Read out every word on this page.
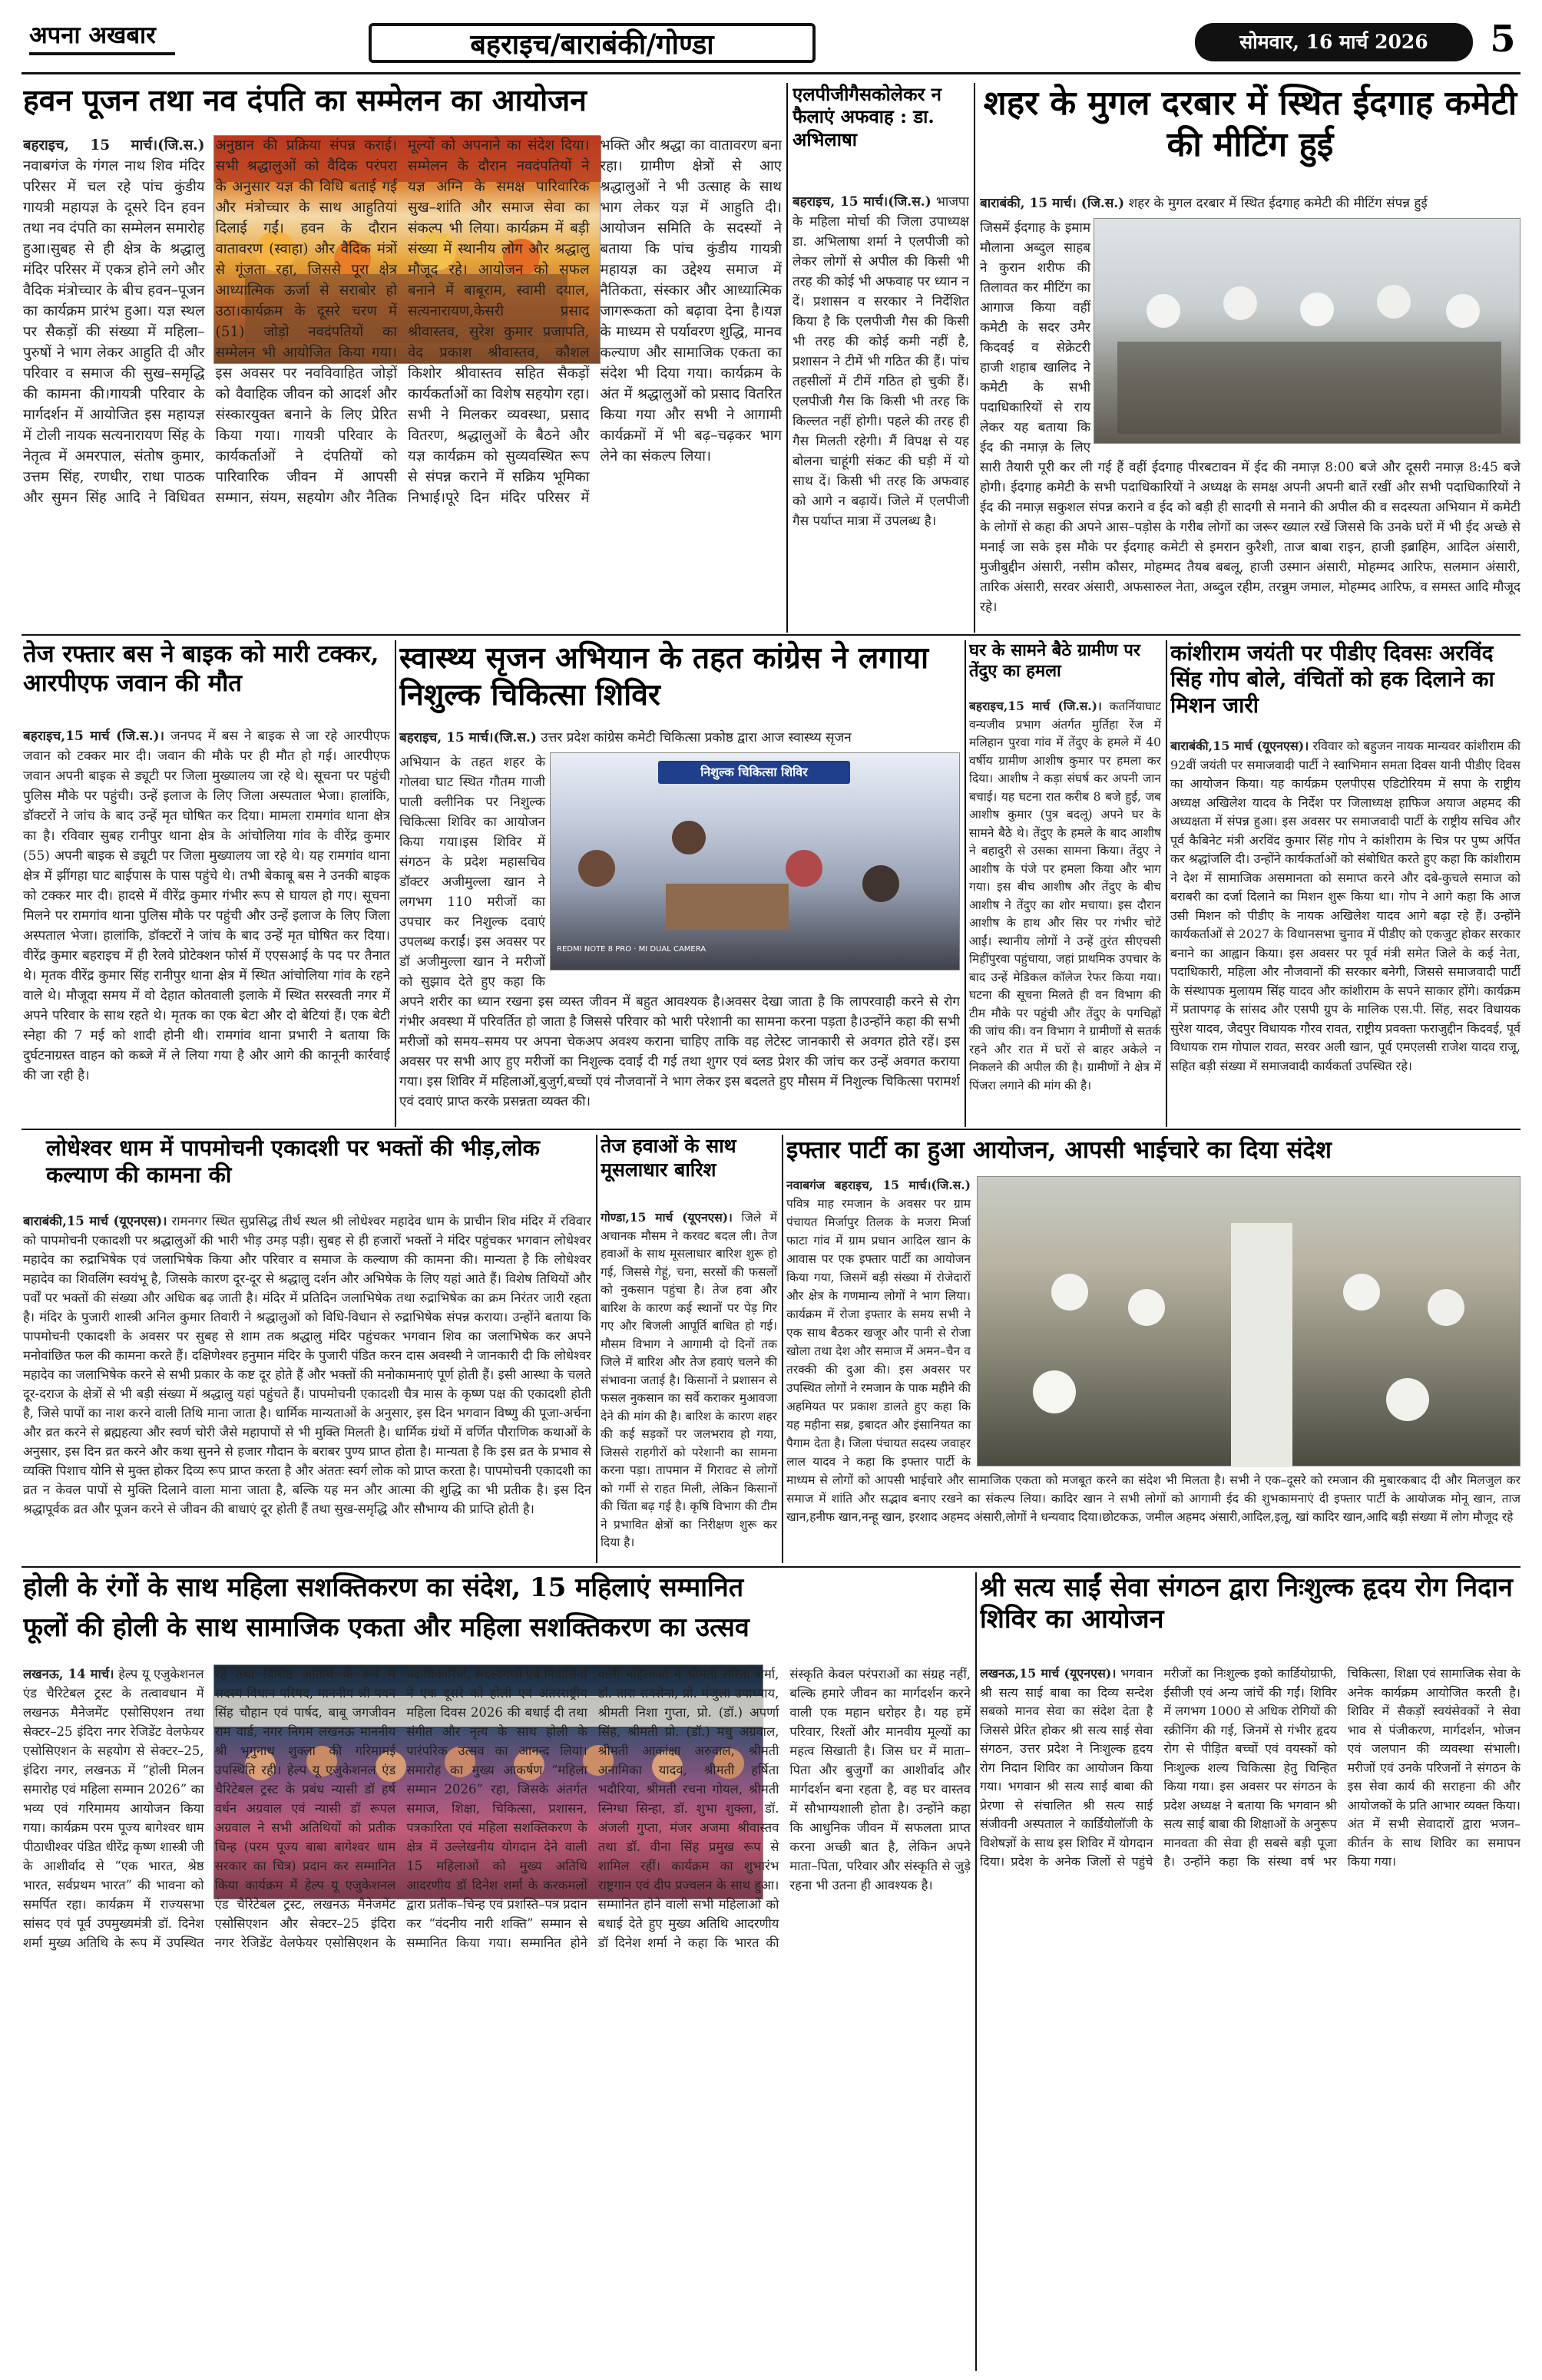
अपना अखबार	बहराइच/बाराबंकी/गोण्डा	सोमवार, 16 मार्च 2026	5
हवन पूजन तथा नव दंपति का सम्मेलन का आयोजन
बहराइच, 15 मार्च।(जि.स.) नवाबगंज के गंगल नाथ शिव मंदिर परिसर में चल रहे पांच कुंडीय गायत्री महायज्ञ के दूसरे दिन हवन तथा नव दंपति का सम्मेलन समारोह हुआ।सुबह से ही क्षेत्र के श्रद्धालु मंदिर परिसर में एकत्र होने लगे और वैदिक मंत्रोच्चार के बीच हवन–पूजन का कार्यक्रम प्रारंभ हुआ। यज्ञ स्थल पर सैकड़ों की संख्या में महिला–पुरुषों ने भाग लेकर आहुति दी और परिवार व समाज की सुख–समृद्धि की कामना की।गायत्री परिवार के मार्गदर्शन में आयोजित इस महायज्ञ में टोली नायक सत्यनारायण सिंह के नेतृत्व में अमरपाल, संतोष कुमार, उत्तम सिंह, रणधीर, राधा पाठक और सुमन सिंह आदि ने विधिवत अनुष्ठान की प्रक्रिया संपन्न कराई। सभी श्रद्धालुओं को वैदिक परंपरा के अनुसार यज्ञ की विधि बताई गई और मंत्रोच्चार के साथ आहुतियां दिलाई गईं। हवन के दौरान वातावरण (स्वाहा) और वैदिक मंत्रों से गूंजता रहा, जिससे पूरा क्षेत्र आध्यात्मिक ऊर्जा से सराबोर हो उठा।कार्यक्रम के दूसरे चरण में (51) जोड़ो नवदंपतियों का सम्मेलन भी आयोजित किया गया। इस अवसर पर नवविवाहित जोड़ों को वैवाहिक जीवन को आदर्श और संस्कारयुक्त बनाने के लिए प्रेरित किया गया। गायत्री परिवार के कार्यकर्ताओं ने दंपतियों को पारिवारिक जीवन में आपसी सम्मान, संयम, सहयोग और नैतिक मूल्यों को अपनाने का संदेश दिया। सम्मेलन के दौरान नवदंपतियों ने यज्ञ अग्नि के समक्ष पारिवारिक सुख–शांति और समाज सेवा का संकल्प भी लिया। कार्यक्रम में बड़ी संख्या में स्थानीय लोग और श्रद्धालु मौजूद रहे। आयोजन को सफल बनाने में बाबूराम, स्वामी दयाल, सत्यनारायण,केसरी प्रसाद श्रीवास्तव, सुरेश कुमार प्रजापति, वेद प्रकाश श्रीवास्तव, कौशल किशोर श्रीवास्तव सहित सैकड़ों कार्यकर्ताओं का विशेष सहयोग रहा। सभी ने मिलकर व्यवस्था, प्रसाद वितरण, श्रद्धालुओं के बैठने और यज्ञ कार्यक्रम को सुव्यवस्थित रूप से संपन्न कराने में सक्रिय भूमिका निभाई।पूरे दिन मंदिर परिसर में भक्ति और श्रद्धा का वातावरण बना रहा। ग्रामीण क्षेत्रों से आए श्रद्धालुओं ने भी उत्साह के साथ भाग लेकर यज्ञ में आहुति दी। आयोजन समिति के सदस्यों ने बताया कि पांच कुंडीय गायत्री महायज्ञ का उद्देश्य समाज में नैतिकता, संस्कार और आध्यात्मिक जागरूकता को बढ़ावा देना है।यज्ञ के माध्यम से पर्यावरण शुद्धि, मानव कल्याण और सामाजिक एकता का संदेश भी दिया गया। कार्यक्रम के अंत में श्रद्धालुओं को प्रसाद वितरित किया गया और सभी ने आगामी कार्यक्रमों में भी बढ़–चढ़कर भाग लेने का संकल्प लिया।
एलपीजीगैसकोलेकर न फैलाएं अफवाह : डा. अभिलाषा
बहराइच, 15 मार्च।(जि.स.) भाजपा के महिला मोर्चा की जिला उपाध्यक्ष डा. अभिलाषा शर्मा ने एलपीजी को लेकर लोगों से अपील की किसी भी तरह की कोई भी अफवाह पर ध्यान न दें। प्रशासन व सरकार ने निर्देशित किया है कि एलपीजी गैस की किसी भी तरह की कोई कमी नहीं है, प्रशासन ने टीमें भी गठित की हैं। पांच तहसीलों में टीमें गठित हो चुकी हैं। एलपीजी गैस कि किसी भी तरह कि किल्लत नहीं होगी। पहले की तरह ही गैस मिलती रहेगी। मैं विपक्ष से यह बोलना चाहूंगी संकट की घड़ी में यो साथ दें। किसी भी तरह कि अफवाह को आगे न बढ़ायें। जिले में एलपीजी गैस पर्याप्त मात्रा में उपलब्ध है।
शहर के मुगल दरबार में स्थित ईदगाह कमेटी की मीटिंग हुई
बाराबंकी, 15 मार्च। (जि.स.) शहर के मुगल दरबार में स्थित ईदगाह कमेटी की मीटिंग संपन्न हुई
जिसमें ईदगाह के इमाम मौलाना अब्दुल साहब ने कुरान शरीफ की तिलावत कर मीटिंग का आगाज किया वहीं कमेटी के सदर उमैर किदवई व सेक्रेटरी हाजी शहाब खालिद ने कमेटी के सभी पदाधिकारियों से राय लेकर यह बताया कि ईद की नमाज़ के लिए सारी तैयारी पूरी कर ली गई हैं वहीं ईदगाह पीरबटावन में ईद की नमाज़ 8:00 बजे और दूसरी नमाज़ 8:45 बजे होगी। ईदगाह कमेटी के सभी पदाधिकारियों ने अध्यक्ष के समक्ष अपनी अपनी बातें रखीं और सभी पदाधिकारियों ने ईद की नमाज़ सकुशल संपन्न कराने व ईद को बड़ी ही सादगी से मनाने की अपील की व सदस्यता अभियान में कमेटी के लोगों से कहा की अपने आस–पड़ोस के गरीब लोगों का जरूर ख्याल रखें जिससे कि उनके घरों में भी ईद अच्छे से मनाई जा सके इस मौके पर ईदगाह कमेटी से इमरान कुरैशी, ताज बाबा राइन, हाजी इब्राहिम, आदिल अंसारी, मुजीबुद्दीन अंसारी, नसीम कौसर, मोहम्मद तैयब बबलू, हाजी उस्मान अंसारी, मोहम्मद आरिफ, सलमान अंसारी, तारिक अंसारी, सरवर अंसारी, अफसारुल नेता, अब्दुल रहीम, तरन्नुम जमाल, मोहम्मद आरिफ, व समस्त आदि मौजूद रहे।
तेज रफ्तार बस ने बाइक को मारी टक्कर, आरपीएफ जवान की मौत
बहराइच,15 मार्च (जि.स.)। जनपद में बस ने बाइक से जा रहे आरपीएफ जवान को टक्कर मार दी। जवान की मौके पर ही मौत हो गई। आरपीएफ जवान अपनी बाइक से ड्यूटी पर जिला मुख्यालय जा रहे थे। सूचना पर पहुंची पुलिस मौके पर पहुंची। उन्हें इलाज के लिए जिला अस्पताल भेजा। हालांकि, डॉक्टरों ने जांच के बाद उन्हें मृत घोषित कर दिया। मामला रामगांव थाना क्षेत्र का है। रविवार सुबह रानीपुर थाना क्षेत्र के आंचोलिया गांव के वीरेंद्र कुमार (55) अपनी बाइक से ड्यूटी पर जिला मुख्यालय जा रहे थे। यह रामगांव थाना क्षेत्र में झींगहा घाट बाईपास के पास पहुंचे थे। तभी बेकाबू बस ने उनकी बाइक को टक्कर मार दी। हादसे में वीरेंद्र कुमार गंभीर रूप से घायल हो गए। सूचना मिलने पर रामगांव थाना पुलिस मौके पर पहुंची और उन्हें इलाज के लिए जिला अस्पताल भेजा। हालांकि, डॉक्टरों ने जांच के बाद उन्हें मृत घोषित कर दिया। वीरेंद्र कुमार बहराइच में ही रेलवे प्रोटेक्शन फोर्स में एएसआई के पद पर तैनात थे। मृतक वीरेंद्र कुमार सिंह रानीपुर थाना क्षेत्र में स्थित आंचोलिया गांव के रहने वाले थे। मौजूदा समय में वो देहात कोतवाली इलाके में स्थित सरस्वती नगर में अपने परिवार के साथ रहते थे। मृतक का एक बेटा और दो बेटियां हैं। एक बेटी स्नेहा की 7 मई को शादी होनी थी। रामगांव थाना प्रभारी ने बताया कि दुर्घटनाग्रस्त वाहन को कब्जे में ले लिया गया है और आगे की कानूनी कार्रवाई की जा रही है।
स्वास्थ्य सृजन अभियान के तहत कांग्रेस ने लगाया निशुल्क चिकित्सा शिविर
बहराइच, 15 मार्च।(जि.स.) उत्तर प्रदेश कांग्रेस कमेटी चिकित्सा प्रकोष्ठ द्वारा आज स्वास्थ्य सृजन
निशुल्क चिकित्सा शिविर
REDMI NOTE 8 PRO · MI DUAL CAMERA
अभियान के तहत शहर के गोलवा घाट स्थित गौतम गाजी पाली क्लीनिक पर निशुल्क चिकित्सा शिविर का आयोजन किया गया।इस शिविर में संगठन के प्रदेश महासचिव डॉक्टर अजीमुल्ला खान ने लगभग 110 मरीजों का उपचार कर निशुल्क दवाएं उपलब्ध कराईं। इस अवसर पर डॉ अजीमुल्ला खान ने मरीजों को सुझाव देते हुए कहा कि अपने शरीर का ध्यान रखना इस व्यस्त जीवन में बहुत आवश्यक है।अवसर देखा जाता है कि लापरवाही करने से रोग गंभीर अवस्था में परिवर्तित हो जाता है जिससे परिवार को भारी परेशानी का सामना करना पड़ता है।उन्होंने कहा की सभी मरीजों को समय–समय पर अपना चेकअप अवश्य कराना चाहिए ताकि वह लेटेस्ट जानकारी से अवगत होते रहें। इस अवसर पर सभी आए हुए मरीजों का निशुल्क दवाई दी गई तथा शुगर एवं ब्लड प्रेशर की जांच कर उन्हें अवगत कराया गया। इस शिविर में महिलाओं,बुजुर्ग,बच्चों एवं नौजवानों ने भाग लेकर इस बदलते हुए मौसम में निशुल्क चिकित्सा परामर्श एवं दवाएं प्राप्त करके प्रसन्नता व्यक्त की।
घर के सामने बैठे ग्रामीण पर तेंदुए का हमला
बहराइच,15 मार्च (जि.स.)। कतर्नियाघाट वन्यजीव प्रभाग अंतर्गत मुर्तिहा रेंज में मलिहान पुरवा गांव में तेंदुए के हमले में 40 वर्षीय ग्रामीण आशीष कुमार पर हमला कर दिया। आशीष ने कड़ा संघर्ष कर अपनी जान बचाई। यह घटना रात करीब 8 बजे हुई, जब आशीष कुमार (पुत्र बदलू) अपने घर के सामने बैठे थे। तेंदुए के हमले के बाद आशीष ने बहादुरी से उसका सामना किया। तेंदुए ने आशीष के पंजे पर हमला किया और भाग गया। इस बीच आशीष और तेंदुए के बीच आशीष ने तेंदुए का शोर मचाया। इस दौरान आशीष के हाथ और सिर पर गंभीर चोटें आईं। स्थानीय लोगों ने उन्हें तुरंत सीएचसी मिहींपुरवा पहुंचाया, जहां प्राथमिक उपचार के बाद उन्हें मेडिकल कॉलेज रेफर किया गया। घटना की सूचना मिलते ही वन विभाग की टीम मौके पर पहुंची और तेंदुए के पगचिह्नों की जांच की। वन विभाग ने ग्रामीणों से सतर्क रहने और रात में घरों से बाहर अकेले न निकलने की अपील की है। ग्रामीणों ने क्षेत्र में पिंजरा लगाने की मांग की है।
कांशीराम जयंती पर पीडीए दिवसः अरविंद सिंह गोप बोले, वंचितों को हक दिलाने का मिशन जारी
बाराबंकी,15 मार्च (यूएनएस)। रविवार को बहुजन नायक मान्यवर कांशीराम की 92वीं जयंती पर समाजवादी पार्टी ने स्वाभिमान समता दिवस यानी पीडीए दिवस का आयोजन किया। यह कार्यक्रम एलपीएस एडिटोरियम में सपा के राष्ट्रीय अध्यक्ष अखिलेश यादव के निर्देश पर जिलाध्यक्ष हाफिज अयाज अहमद की अध्यक्षता में संपन्न हुआ। इस अवसर पर समाजवादी पार्टी के राष्ट्रीय सचिव और पूर्व कैबिनेट मंत्री अरविंद कुमार सिंह गोप ने कांशीराम के चित्र पर पुष्प अर्पित कर श्रद्धांजलि दी। उन्होंने कार्यकर्ताओं को संबोधित करते हुए कहा कि कांशीराम ने देश में सामाजिक असमानता को समाप्त करने और दबे-कुचले समाज को बराबरी का दर्जा दिलाने का मिशन शुरू किया था। गोप ने आगे कहा कि आज उसी मिशन को पीडीए के नायक अखिलेश यादव आगे बढ़ा रहे हैं। उन्होंने कार्यकर्ताओं से 2027 के विधानसभा चुनाव में पीडीए को एकजुट होकर सरकार बनाने का आह्वान किया। इस अवसर पर पूर्व मंत्री समेत जिले के कई नेता, पदाधिकारी, महिला और नौजवानों की सरकार बनेगी, जिससे समाजवादी पार्टी के संस्थापक मुलायम सिंह यादव और कांशीराम के सपने साकार होंगे। कार्यक्रम में प्रतापगढ़ के सांसद और एसपी ग्रुप के मालिक एस.पी. सिंह, सदर विधायक सुरेश यादव, जैदपुर विधायक गौरव रावत, राष्ट्रीय प्रवक्ता फराजुद्दीन किदवई, पूर्व विधायक राम गोपाल रावत, सरवर अली खान, पूर्व एमएलसी राजेश यादव राजू, सहित बड़ी संख्या में समाजवादी कार्यकर्ता उपस्थित रहे।
लोधेश्वर धाम में पापमोचनी एकादशी पर भक्तों की भीड़,लोक कल्याण की कामना की
बाराबंकी,15 मार्च (यूएनएस)। रामनगर स्थित सुप्रसिद्ध तीर्थ स्थल श्री लोधेश्वर महादेव धाम के प्राचीन शिव मंदिर में रविवार को पापमोचनी एकादशी पर श्रद्धालुओं की भारी भीड़ उमड़ पड़ी। सुबह से ही हजारों भक्तों ने मंदिर पहुंचकर भगवान लोधेश्वर महादेव का रुद्राभिषेक एवं जलाभिषेक किया और परिवार व समाज के कल्याण की कामना की। मान्यता है कि लोधेश्वर महादेव का शिवलिंग स्वयंभू है, जिसके कारण दूर-दूर से श्रद्धालु दर्शन और अभिषेक के लिए यहां आते हैं। विशेष तिथियों और पर्वों पर भक्तों की संख्या और अधिक बढ़ जाती है। मंदिर में प्रतिदिन जलाभिषेक तथा रुद्राभिषेक का क्रम निरंतर जारी रहता है। मंदिर के पुजारी शास्त्री अनिल कुमार तिवारी ने श्रद्धालुओं को विधि-विधान से रुद्राभिषेक संपन्न कराया। उन्होंने बताया कि पापमोचनी एकादशी के अवसर पर सुबह से शाम तक श्रद्धालु मंदिर पहुंचकर भगवान शिव का जलाभिषेक कर अपने मनोवांछित फल की कामना करते हैं। दक्षिणेश्वर हनुमान मंदिर के पुजारी पंडित करन दास अवस्थी ने जानकारी दी कि लोधेश्वर महादेव का जलाभिषेक करने से सभी प्रकार के कष्ट दूर होते हैं और भक्तों की मनोकामनाएं पूर्ण होती हैं। इसी आस्था के चलते दूर-दराज के क्षेत्रों से भी बड़ी संख्या में श्रद्धालु यहां पहुंचते हैं। पापमोचनी एकादशी चैत्र मास के कृष्ण पक्ष की एकादशी होती है, जिसे पापों का नाश करने वाली तिथि माना जाता है। धार्मिक मान्यताओं के अनुसार, इस दिन भगवान विष्णु की पूजा-अर्चना और व्रत करने से ब्रह्महत्या और स्वर्ण चोरी जैसे महापापों से भी मुक्ति मिलती है। धार्मिक ग्रंथों में वर्णित पौराणिक कथाओं के अनुसार, इस दिन व्रत करने और कथा सुनने से हजार गौदान के बराबर पुण्य प्राप्त होता है। मान्यता है कि इस व्रत के प्रभाव से व्यक्ति पिशाच योनि से मुक्त होकर दिव्य रूप प्राप्त करता है और अंततः स्वर्ग लोक को प्राप्त करता है। पापमोचनी एकादशी का व्रत न केवल पापों से मुक्ति दिलाने वाला माना जाता है, बल्कि यह मन और आत्मा की शुद्धि का भी प्रतीक है। इस दिन श्रद्धापूर्वक व्रत और पूजन करने से जीवन की बाधाएं दूर होती हैं तथा सुख-समृद्धि और सौभाग्य की प्राप्ति होती है।
तेज हवाओं के साथ मूसलाधार बारिश
गोण्डा,15 मार्च (यूएनएस)। जिले में अचानक मौसम ने करवट बदल ली। तेज हवाओं के साथ मूसलाधार बारिश शुरू हो गई, जिससे गेहूं, चना, सरसों की फसलों को नुकसान पहुंचा है। तेज हवा और बारिश के कारण कई स्थानों पर पेड़ गिर गए और बिजली आपूर्ति बाधित हो गई। मौसम विभाग ने आगामी दो दिनों तक जिले में बारिश और तेज हवाएं चलने की संभावना जताई है। किसानों ने प्रशासन से फसल नुकसान का सर्वे कराकर मुआवजा देने की मांग की है। बारिश के कारण शहर की कई सड़कों पर जलभराव हो गया, जिससे राहगीरों को परेशानी का सामना करना पड़ा। तापमान में गिरावट से लोगों को गर्मी से राहत मिली, लेकिन किसानों की चिंता बढ़ गई है। कृषि विभाग की टीम ने प्रभावित क्षेत्रों का निरीक्षण शुरू कर दिया है।
इफ्तार पार्टी का हुआ आयोजन, आपसी भाईचारे का दिया संदेश
नवाबगंज बहराइच, 15 मार्च।(जि.स.) पवित्र माह रमजान के अवसर पर ग्राम पंचायत मिर्जापुर तिलक के मजरा मिर्जा फाटा गांव में ग्राम प्रधान आदिल खान के आवास पर एक इफ्तार पार्टी का आयोजन किया गया, जिसमें बड़ी संख्या में रोजेदारों और क्षेत्र के गणमान्य लोगों ने भाग लिया। कार्यक्रम में रोजा इफ्तार के समय सभी ने एक साथ बैठकर खजूर और पानी से रोजा खोला तथा देश और समाज में अमन–चैन व तरक्की की दुआ की। इस अवसर पर उपस्थित लोगों ने रमजान के पाक महीने की अहमियत पर प्रकाश डालते हुए कहा कि यह महीना सब्र, इबादत और इंसानियत का पैगाम देता है। जिला पंचायत सदस्य जवाहर लाल यादव ने कहा कि इफ्तार पार्टी के माध्यम से लोगों को आपसी भाईचारे और सामाजिक एकता को मजबूत करने का संदेश भी मिलता है। सभी ने एक–दूसरे को रमजान की मुबारकबाद दी और मिलजुल कर समाज में शांति और सद्भाव बनाए रखने का संकल्प लिया। कादिर खान ने सभी लोगों को आगामी ईद की शुभकामनाएं दी इफ्तार पार्टी के आयोजक मोनू खान, ताज खान,हनीफ खान,नन्हू खान, इरशाद अहमद अंसारी,लोगों ने धन्यवाद दिया।छोटकऊ, जमील अहमद अंसारी,आदिल,इलू, खां कादिर खान,आदि बड़ी संख्या में लोग मौजूद रहे
होली के रंगों के साथ महिला सशक्तिकरण का संदेश, 15 महिलाएं सम्मानित
फूलों की होली के साथ सामाजिक एकता और महिला सशक्तिकरण का उत्सव
लखनऊ, 14 मार्च। हेल्प यू एजुकेशनल एंड चैरिटेबल ट्रस्ट के तत्वावधान में लखनऊ मैनेजमेंट एसोसिएशन तथा सेक्टर–25 इंदिरा नगर रेजिडेंट वेलफेयर एसोसिएशन के सहयोग से सेक्टर–25, इंदिरा नगर, लखनऊ में “होली मिलन समारोह एवं महिला सम्मान 2026” का भव्य एवं गरिमामय आयोजन किया गया। कार्यक्रम परम पूज्य बागेश्वर धाम पीठाधीश्वर पंडित धीरेंद्र कृष्ण शास्त्री जी के आशीर्वाद से “एक भारत, श्रेष्ठ भारत, सर्वप्रथम भारत” की भावना को समर्पित रहा। कार्यक्रम में राज्यसभा सांसद एवं पूर्व उपमुख्यमंत्री डॉ. दिनेश शर्मा मुख्य अतिथि के रूप में उपस्थित रहे तथा विशिष्ट अतिथि के रूप में सदस्य विधान परिषद, माननीय श्री पवन सिंह चौहान एवं पार्षद, बाबू जगजीवन राम वार्ड, नगर निगम लखनऊ माननीय श्री भृगुनाथ शुक्ला की गरिमामई उपस्थिति रही। हेल्प यू एजुकेशनल एंड चैरिटेबल ट्रस्ट के प्रबंध न्यासी डॉ हर्ष वर्धन अग्रवाल एवं न्यासी डॉ रूपल अग्रवाल ने सभी अतिथियों को प्रतीक चिन्ह (परम पूज्य बाबा बागेश्वर धाम सरकार का चित्र) प्रदान कर सम्मानित किया कार्यक्रम में हेल्प यू एजुकेशनल एंड चैरिटेबल ट्रस्ट, लखनऊ मैनेजमेंट एसोसिएशन और सेक्टर–25 इंदिरा नगर रेजिडेंट वेलफेयर एसोसिएशन के पदाधिकारियों, सदस्यगणों एवं निवासियों ने एक दूसरे को होली एवं अंतरराष्ट्रीय महिला दिवस 2026 की बधाई दी तथा संगीत और नृत्य के साथ होली के पारंपरिक उत्सव का आनन्द लिया। समारोह का मुख्य आकर्षण “महिला सम्मान 2026” रहा, जिसके अंतर्गत समाज, शिक्षा, चिकित्सा, प्रशासन, पत्रकारिता एवं महिला सशक्तिकरण के क्षेत्र में उल्लेखनीय योगदान देने वाली 15 महिलाओं को मुख्य अतिथि आदरणीय डॉ दिनेश शर्मा के करकमलों द्वारा प्रतीक–चिन्ह एवं प्रशस्ति–पत्र प्रदान कर “वंदनीय नारी शक्ति” सम्मान से सम्मानित किया गया। सम्मानित होने वाली महिलाओं में श्रीमती सरिता शर्मा, डॉ. तारा सक्सेना, प्रो. मंजुला उपाध्याय, श्रीमती निशा गुप्ता, प्रो. (डॉ.) अपर्णा सिंह, श्रीमती प्रो. (डॉ.) मधु अग्रवाल, श्रीमती आकांक्षा अरुवाल, श्रीमती अनामिका यादव, श्रीमती हर्षिता भदौरिया, श्रीमती रचना गोयल, श्रीमती स्निग्धा सिन्हा, डॉ. शुभा शुक्ला, डॉ. अंजली गुप्ता, मंजर अजमा श्रीवास्तव तथा डॉ. वीना सिंह प्रमुख रूप से शामिल रहीं। कार्यक्रम का शुभारंभ राष्ट्रगान एवं दीप प्रज्वलन के साथ हुआ। सम्मानित होने वाली सभी महिलाओं को बधाई देते हुए मुख्य अतिथि आदरणीय डॉ दिनेश शर्मा ने कहा कि भारत की संस्कृति केवल परंपराओं का संग्रह नहीं, बल्कि हमारे जीवन का मार्गदर्शन करने वाली एक महान धरोहर है। यह हमें परिवार, रिश्तों और मानवीय मूल्यों का महत्व सिखाती है। जिस घर में माता–पिता और बुजुर्गों का आशीर्वाद और मार्गदर्शन बना रहता है, वह घर वास्तव में सौभाग्यशाली होता है। उन्होंने कहा कि आधुनिक जीवन में सफलता प्राप्त करना अच्छी बात है, लेकिन अपने माता–पिता, परिवार और संस्कृति से जुड़े रहना भी उतना ही आवश्यक है।
श्री सत्य साईं सेवा संगठन द्वारा निःशुल्क हृदय रोग निदान शिविर का आयोजन
लखनऊ,15 मार्च (यूएनएस)। भगवान श्री सत्य साई बाबा का दिव्य सन्देश सबको मानव सेवा का संदेश देता है जिससे प्रेरित होकर श्री सत्य साई सेवा संगठन, उत्तर प्रदेश ने निःशुल्क हृदय रोग निदान शिविर का आयोजन किया गया। भगवान श्री सत्य साई बाबा की प्रेरणा से संचालित श्री सत्य साई संजीवनी अस्पताल ने कार्डियोलॉजी के विशेषज्ञों के साथ इस शिविर में योगदान दिया। प्रदेश के अनेक जिलों से पहुंचे मरीजों का निःशुल्क इको कार्डियोग्राफी, ईसीजी एवं अन्य जांचें की गईं। शिविर में लगभग 1000 से अधिक रोगियों की स्क्रीनिंग की गई, जिनमें से गंभीर हृदय रोग से पीड़ित बच्चों एवं वयस्कों को निःशुल्क शल्य चिकित्सा हेतु चिन्हित किया गया। इस अवसर पर संगठन के प्रदेश अध्यक्ष ने बताया कि भगवान श्री सत्य साई बाबा की शिक्षाओं के अनुरूप मानवता की सेवा ही सबसे बड़ी पूजा है। उन्होंने कहा कि संस्था वर्ष भर चिकित्सा, शिक्षा एवं सामाजिक सेवा के अनेक कार्यक्रम आयोजित करती है। शिविर में सैकड़ों स्वयंसेवकों ने सेवा भाव से पंजीकरण, मार्गदर्शन, भोजन एवं जलपान की व्यवस्था संभाली। मरीजों एवं उनके परिजनों ने संगठन के इस सेवा कार्य की सराहना की और आयोजकों के प्रति आभार व्यक्त किया। अंत में सभी सेवादारों द्वारा भजन–कीर्तन के साथ शिविर का समापन किया गया।
